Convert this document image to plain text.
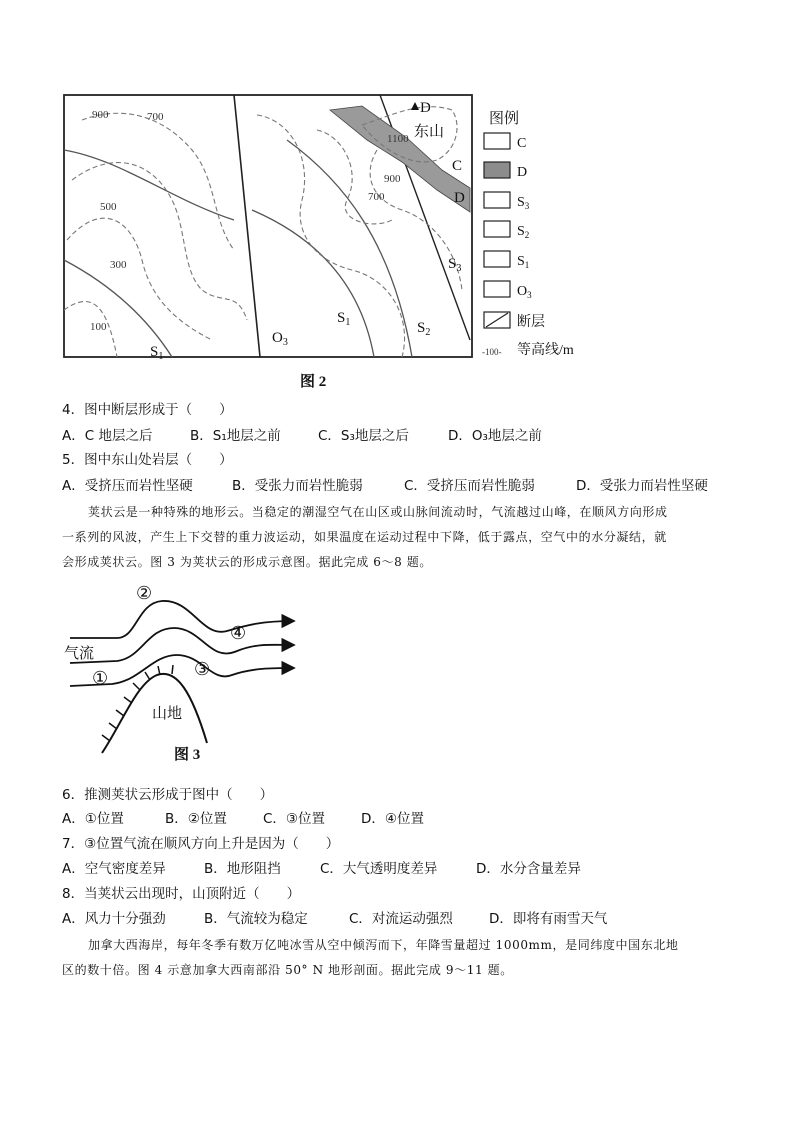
900	700
500
300
100
700
900
1100 东山
D
C
D
$S_3$
$S_1$
$O_3$
$S_1$	$S_2$
图例
C
D
$S_3$
$S_2$
$S_1$
$O_3$
断层
-100- 等高线/m
图 2
4．图中断层形成于（　　）
A．C 地层之后	B．S₁地层之前	C．S₃地层之后	D．O₃地层之前
5．图中东山处岩层（　　）
A．受挤压而岩性坚硬	B．受张力而岩性脆弱	C．受挤压而岩性脆弱	D．受张力而岩性坚硬
荚状云是一种特殊的地形云。当稳定的潮湿空气在山区或山脉间流动时，气流越过山峰，在顺风方向形成
一系列的风波，产生上下交替的重力波运动，如果温度在运动过程中下降，低于露点，空气中的水分凝结，就
会形成荚状云。图 3 为荚状云的形成示意图。据此完成 6～8 题。
气流
山地
①
②
③
④
图 3
6．推测荚状云形成于图中（　　）
A．①位置	B．②位置	C．③位置	D．④位置
7．③位置气流在顺风方向上升是因为（　　）
A．空气密度差异	B．地形阻挡	C．大气透明度差异	D．水分含量差异
8．当荚状云出现时，山顶附近（　　）
A．风力十分强劲	B．气流较为稳定	C．对流运动强烈	D．即将有雨雪天气
加拿大西海岸，每年冬季有数万亿吨冰雪从空中倾泻而下，年降雪量超过 1000mm，是同纬度中国东北地
区的数十倍。图 4 示意加拿大西南部沿 50° N 地形剖面。据此完成 9～11 题。
